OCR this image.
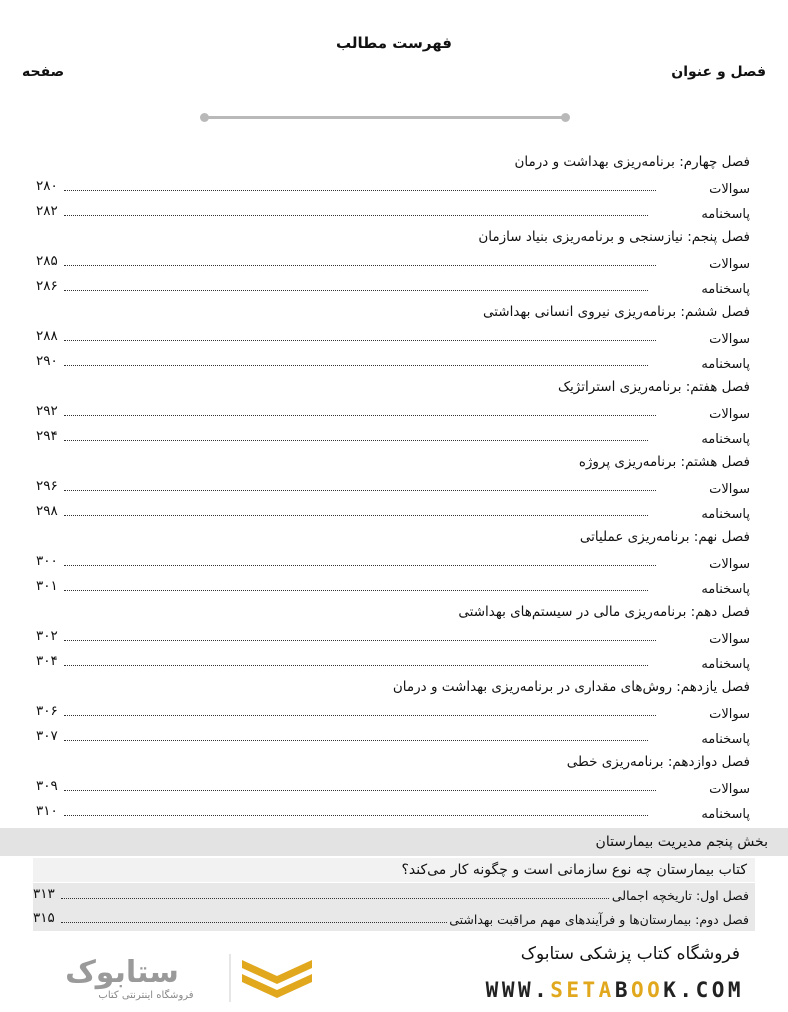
فهرست مطالب
فصل و عنوان
صفحه
فصل چهارم: برنامه‌ریزی بهداشت و درمان
۲۸۰	سوالات
۲۸۲	پاسخنامه
فصل پنجم: نیازسنجی و برنامه‌ریزی بنیاد سازمان
۲۸۵	سوالات
۲۸۶	پاسخنامه
فصل ششم: برنامه‌ریزی نیروی انسانی بهداشتی
۲۸۸	سوالات
۲۹۰	پاسخنامه
فصل هفتم: برنامه‌ریزی استراتژیک
۲۹۲	سوالات
۲۹۴	پاسخنامه
فصل هشتم: برنامه‌ریزی پروژه
۲۹۶	سوالات
۲۹۸	پاسخنامه
فصل نهم: برنامه‌ریزی عملیاتی
۳۰۰	سوالات
۳۰۱	پاسخنامه
فصل دهم: برنامه‌ریزی مالی در سیستم‌های بهداشتی
۳۰۲	سوالات
۳۰۴	پاسخنامه
فصل یازدهم: روش‌های مقداری در برنامه‌ریزی بهداشت و درمان
۳۰۶	سوالات
۳۰۷	پاسخنامه
فصل دوازدهم: برنامه‌ریزی خطی
۳۰۹	سوالات
۳۱۰	پاسخنامه
بخش پنجم مدیریت بیمارستان
کتاب بیمارستان چه نوع سازمانی است و چگونه کار می‌کند؟
۳۱۳	فصل اول: تاریخچه اجمالی
۳۱۵	فصل دوم: بیمارستان‌ها و فرآیندهای مهم مراقبت بهداشتی
ستابوک
فروشگاه اینترنتی کتاب
فروشگاه کتاب پزشکی ستابوک
WWW.SETABOOK.COM
